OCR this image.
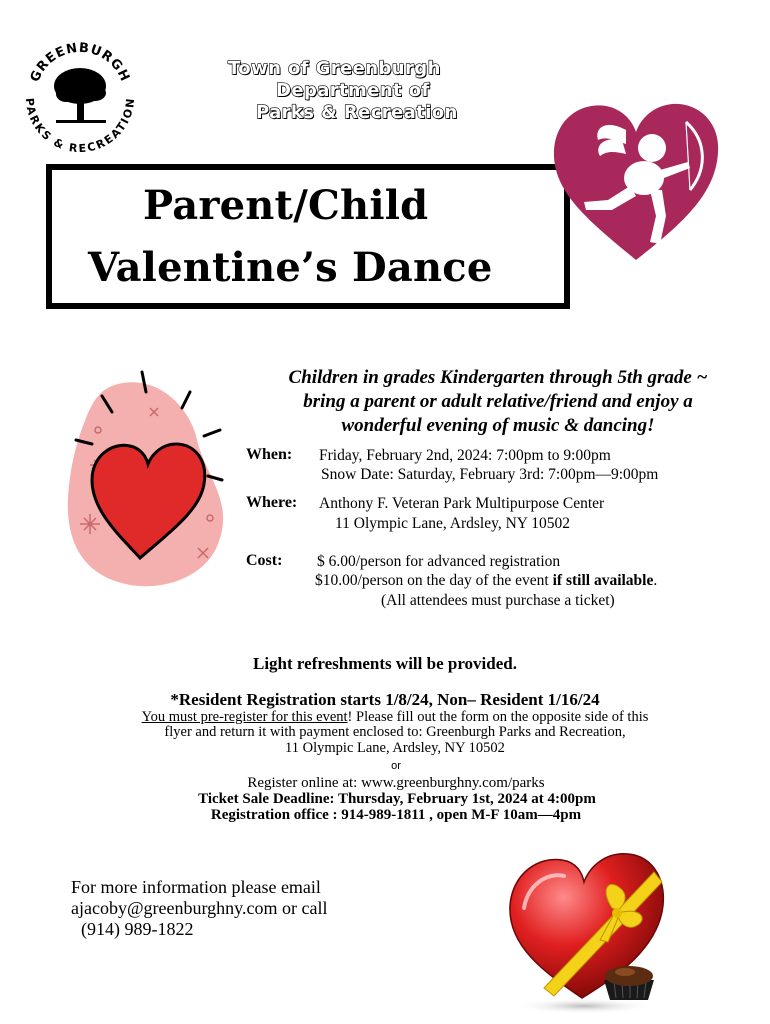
GREENBURGH
PARKS & RECREATION
Town of Greenburgh
Department of
Parks & Recreation
Parent/Child
Valentine’s Dance
Children in grades Kindergarten through 5th grade ~
bring a parent or adult relative/friend and enjoy a
wonderful evening of music & dancing!
When: Friday, February 2nd, 2024: 7:00pm to 9:00pm
Snow Date: Saturday, February 3rd: 7:00pm—9:00pm
Where: Anthony F. Veteran Park Multipurpose Center
11 Olympic Lane, Ardsley, NY 10502
Cost: $ 6.00/person for advanced registration
$10.00/person on the day of the event if still available.
(All attendees must purchase a ticket)
Light refreshments will be provided.
*Resident Registration starts 1/8/24, Non– Resident 1/16/24
You must pre-register for this event! Please fill out the form on the opposite side of this
flyer and return it with payment enclosed to: Greenburgh Parks and Recreation,
11 Olympic Lane, Ardsley, NY 10502
or
Register online at: www.greenburghny.com/parks
Ticket Sale Deadline: Thursday, February 1st, 2024 at 4:00pm
Registration office : 914-989-1811 , open M-F 10am—4pm
For more information please email
ajacoby@greenburghny.com or call
(914) 989-1822
